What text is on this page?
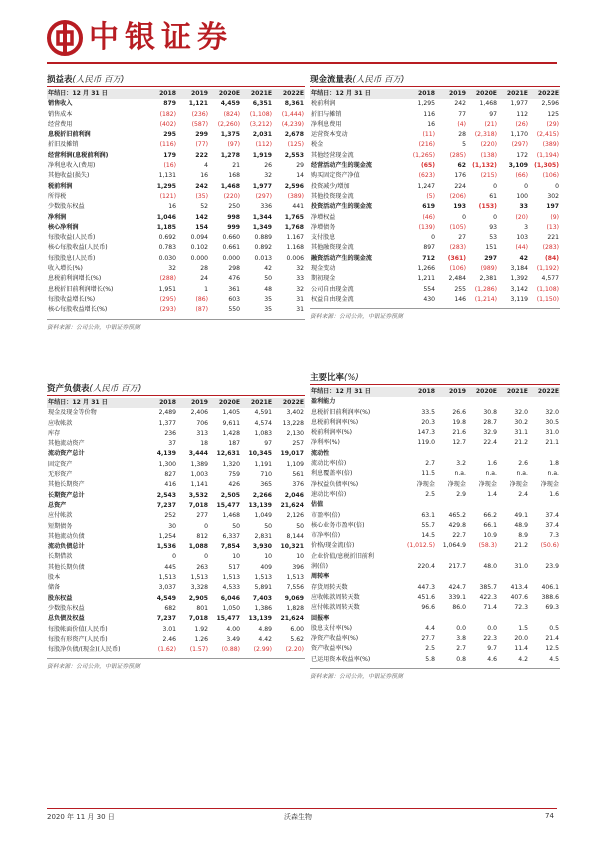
中银证券
损益表(人民币 百万)
年结日：12 月 31 日	2018	2019	2020E	2021E	2022E
销售收入	879	1,121	4,459	6,351	8,361
销售成本	(182)	(236)	(824)	(1,108)	(1,444)
经营费用	(402)	(587)	(2,260)	(3,212)	(4,239)
息税折旧前利润	295	299	1,375	2,031	2,678
折旧及摊销	(116)	(77)	(97)	(112)	(125)
经营利润(息税前利润)	179	222	1,278	1,919	2,553
净利息收入(费用)	(16)	4	21	26	29
其他收益(损失)	1,131	16	168	32	14
税前利润	1,295	242	1,468	1,977	2,596
所得税	(121)	(35)	(220)	(297)	(389)
少数股东权益	16	52	250	336	441
净利润	1,046	142	998	1,344	1,765
核心净利润	1,185	154	999	1,349	1,768
每股收益(人民币)	0.692	0.094	0.660	0.889	1.167
核心每股收益(人民币)	0.783	0.102	0.661	0.892	1.168
每股股息(人民币)	0.030	0.000	0.000	0.013	0.006
收入增长(%)	32	28	298	42	32
息税前利润增长(%)	(288)	24	476	50	33
息税折旧前利润增长(%)	1,951	1	361	48	32
每股收益增长(%)	(295)	(86)	603	35	31
核心每股收益增长(%)	(293)	(87)	550	35	31
资料来源：公司公告，中银证券预测
资产负债表(人民币 百万)
年结日：12 月 31 日	2018	2019	2020E	2021E	2022E
现金及现金等价物	2,489	2,406	1,405	4,591	3,402
应收帐款	1,377	706	9,611	4,574	13,228
库存	236	313	1,428	1,083	2,130
其他流动资产	37	18	187	97	257
流动资产总计	4,139	3,444	12,631	10,345	19,017
固定资产	1,300	1,389	1,320	1,191	1,109
无形资产	827	1,003	759	710	561
其他长期资产	416	1,141	426	365	376
长期资产总计	2,543	3,532	2,505	2,266	2,046
总资产	7,237	7,018	15,477	13,139	21,624
应付帐款	252	277	1,468	1,049	2,126
短期债务	30	0	50	50	50
其他流动负债	1,254	812	6,337	2,831	8,144
流动负债总计	1,536	1,088	7,854	3,930	10,321
长期借款	0	0	10	10	10
其他长期负债	445	263	517	409	396
股本	1,513	1,513	1,513	1,513	1,513
储备	3,037	3,328	4,533	5,891	7,556
股东权益	4,549	2,905	6,046	7,403	9,069
少数股东权益	682	801	1,050	1,386	1,828
总负债及权益	7,237	7,018	15,477	13,139	21,624
每股帐面价值(人民币)	3.01	1.92	4.00	4.89	6.00
每股有形资产(人民币)	2.46	1.26	3.49	4.42	5.62
每股净负债/(现金)(人民币)	(1.62)	(1.57)	(0.88)	(2.99)	(2.20)
资料来源：公司公告，中银证券预测
现金流量表(人民币 百万)
年结日：12 月 31 日	2018	2019	2020E	2021E	2022E
税前利润	1,295	242	1,468	1,977	2,596
折旧与摊销	116	77	97	112	125
净利息费用	16	(4)	(21)	(26)	(29)
运营资本变动	(11)	28	(2,318)	1,170	(2,415)
税金	(216)	5	(220)	(297)	(389)
其他经营现金流	(1,265)	(285)	(138)	172	(1,194)
经营活动产生的现金流	(65)	62	(1,132)	3,109	(1,305)
购买固定资产净值	(623)	176	(215)	(66)	(106)
投资减少/增加	1,247	224	0	0	0
其他投资现金流	(5)	(206)	61	100	302
投资活动产生的现金流	619	193	(153)	33	197
净增权益	(46)	0	0	(20)	(9)
净增债务	(139)	(105)	93	3	(13)
支付股息	0	27	53	103	221
其他融资现金流	897	(283)	151	(44)	(283)
融资活动产生的现金流	712	(361)	297	42	(84)
现金变动	1,266	(106)	(989)	3,184	(1,192)
期初现金	1,211	2,484	2,381	1,392	4,577
公司自由现金流	554	255	(1,286)	3,142	(1,108)
权益自由现金流	430	146	(1,214)	3,119	(1,150)
资料来源：公司公告，中银证券预测
主要比率(%)
年结日：12 月 31 日	2018	2019	2020E	2021E	2022E
盈利能力					
息税折旧前利润率(%)	33.5	26.6	30.8	32.0	32.0
息税前利润率(%)	20.3	19.8	28.7	30.2	30.5
税前利润率(%)	147.3	21.6	32.9	31.1	31.0
净利率(%)	119.0	12.7	22.4	21.2	21.1
流动性					
流动比率(倍)	2.7	3.2	1.6	2.6	1.8
利息覆盖率(倍)	11.5	n.a.	n.a.	n.a.	n.a.
净权益负债率(%)	净现金	净现金	净现金	净现金	净现金
速动比率(倍)	2.5	2.9	1.4	2.4	1.6
估值					
市盈率(倍)	63.1	465.2	66.2	49.1	37.4
核心业务市盈率(倍)	55.7	429.8	66.1	48.9	37.4
市净率(倍)	14.5	22.7	10.9	8.9	7.3
价格/现金流(倍)	(1,012.5)	1,064.9	(58.3)	21.2	(50.6)
企业价值/息税折旧前利					
润(倍)	220.4	217.7	48.0	31.0	23.9
周转率					
存货周转天数	447.3	424.7	385.7	413.4	406.1
应收帐款周转天数	451.6	339.1	422.3	407.6	388.6
应付帐款周转天数	96.6	86.0	71.4	72.3	69.3
回报率					
股息支付率(%)	4.4	0.0	0.0	1.5	0.5
净资产收益率(%)	27.7	3.8	22.3	20.0	21.4
资产收益率(%)	2.5	2.7	9.7	11.4	12.5
已运用资本收益率(%)	5.8	0.8	4.6	4.2	4.5
资料来源：公司公告，中银证券预测
2020 年 11 月 30 日	沃森生物	74
